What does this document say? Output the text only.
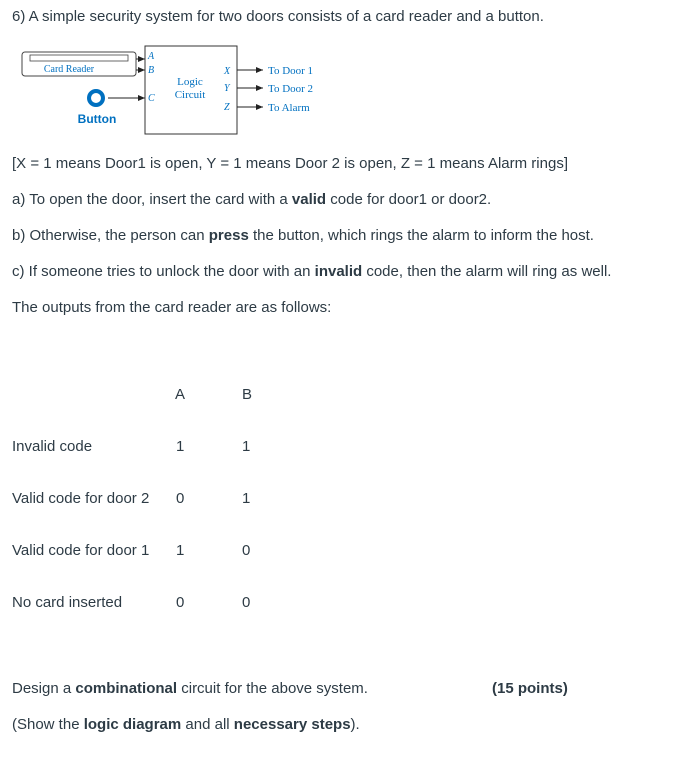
6) A simple security system for two doors consists of a card reader and a button.
Card Reader
Button
Logic
Circuit
A
B
C
X
Y
Z
To Door 1
To Door 2
To Alarm
[X = 1 means Door1 is open, Y = 1 means Door 2 is open, Z = 1 means Alarm rings]
a) To open the door, insert the card with a valid code for door1 or door2.
b) Otherwise, the person can press the button, which rings the alarm to inform the host.
c) If someone tries to unlock the door with an invalid code, then the alarm will ring as well.
The outputs from the card reader are as follows:
A	B
Invalid code	1	1
Valid code for door 2 0	1
Valid code for door 1 1	0
No card inserted	0	0
Design a combinational circuit for the above system.	(15 points)
(Show the logic diagram and all necessary steps).
